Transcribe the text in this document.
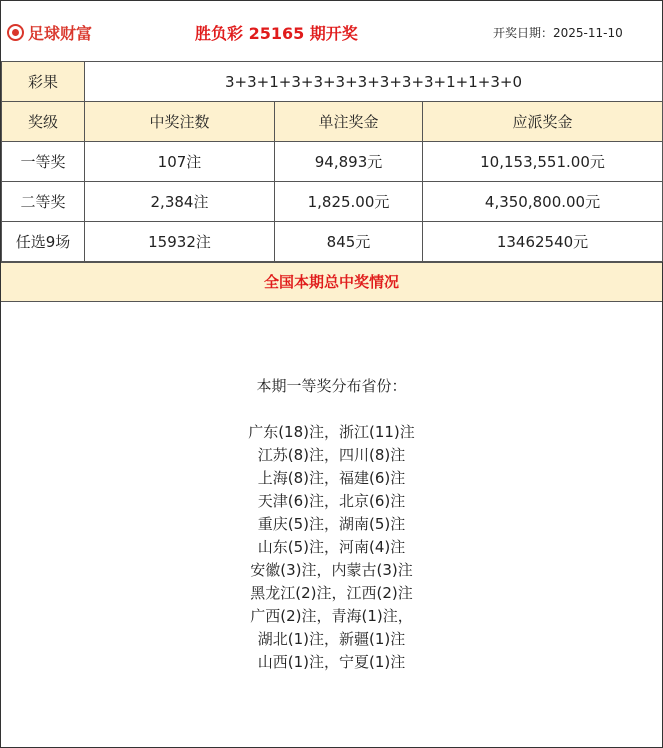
足球财富	胜负彩 25165 期开奖	开奖日期：2025-11-10
彩果	3+3+1+3+3+3+3+3+3+3+1+1+3+0		
奖级	中奖注数	单注奖金	应派奖金
一等奖	107注	94,893元	10,153,551.00元
二等奖	2,384注	1,825.00元	4,350,800.00元
任选9场	15932注	845元	13462540元
全国本期总中奖情况
本期一等奖分布省份：
广东(18)注，浙江(11)注
江苏(8)注，四川(8)注
上海(8)注，福建(6)注
天津(6)注，北京(6)注
重庆(5)注，湖南(5)注
山东(5)注，河南(4)注
安徽(3)注，内蒙古(3)注
黑龙江(2)注，江西(2)注
广西(2)注，青海(1)注，
湖北(1)注，新疆(1)注
山西(1)注，宁夏(1)注
